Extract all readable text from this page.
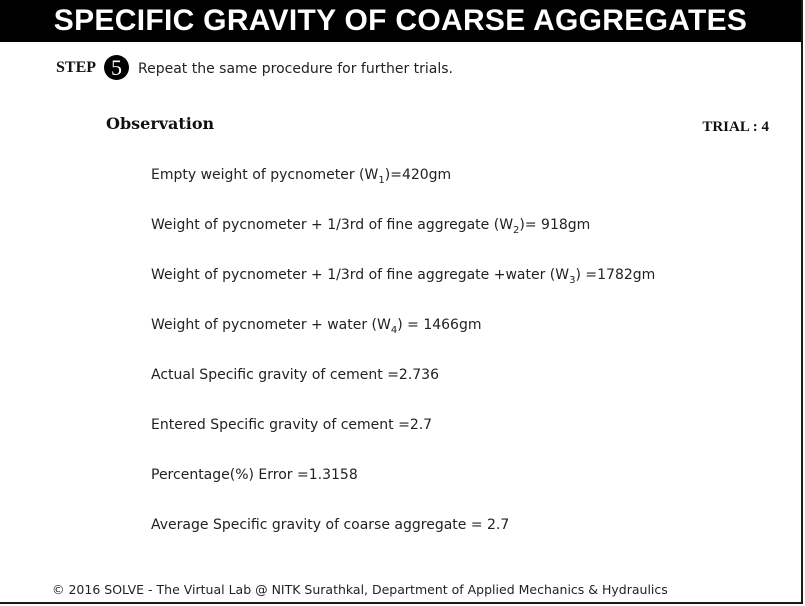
SPECIFIC GRAVITY OF COARSE AGGREGATES
STEP 5	Repeat the same procedure for further trials.
Observation	TRIAL : 4
Empty weight of pycnometer $(W_1)=420gm$
Weight of pycnometer + 1/3rd of fine aggregate $(W_2)= 918gm$
Weight of pycnometer + 1/3rd of fine aggregate +water $(W_3) =1782gm$
Weight of pycnometer + water $(W_4) = 1466gm$
Actual Specific gravity of cement =2.736
Entered Specific gravity of cement =2.7
Percentage(%) Error =1.3158
Average Specific gravity of coarse aggregate = 2.7
© 2016 SOLVE - The Virtual Lab @ NITK Surathkal, Department of Applied Mechanics & Hydraulics
